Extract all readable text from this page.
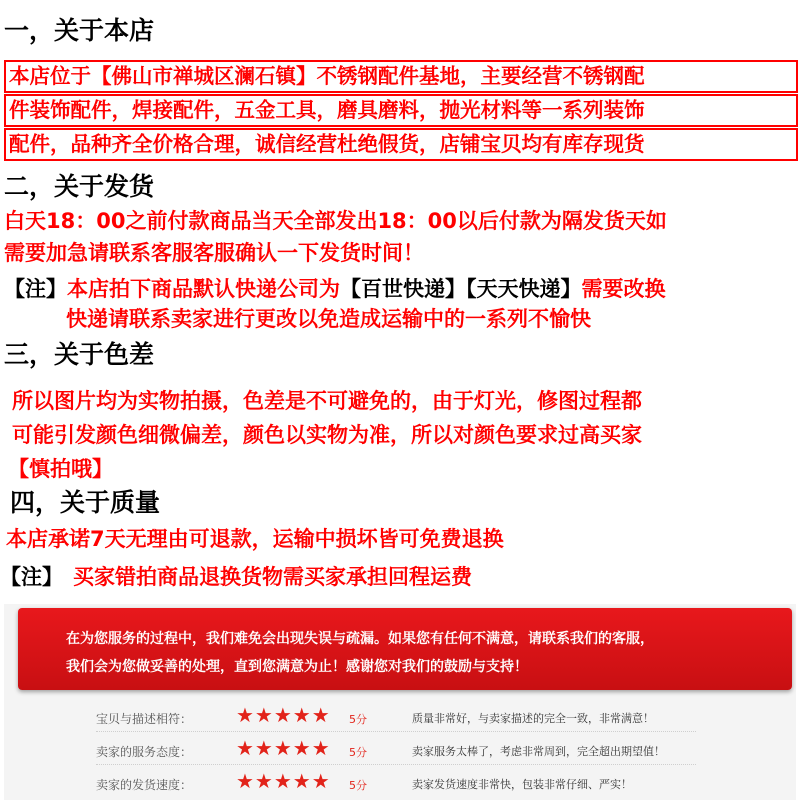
一，关于本店
本店位于【佛山市禅城区澜石镇】不锈钢配件基地，主要经营不锈钢配
件装饰配件，焊接配件，五金工具，磨具磨料，抛光材料等一系列装饰
配件，品种齐全价格合理，诚信经营杜绝假货，店铺宝贝均有库存现货
二，关于发货
白天18：00之前付款商品当天全部发出18：00以后付款为隔发货天如
需要加急请联系客服客服确认一下发货时间！
【注】本店拍下商品默认快递公司为【百世快递】【天天快递】需要改换
快递请联系卖家进行更改以免造成运输中的一系列不愉快
三，关于色差
所以图片均为实物拍摄，色差是不可避免的，由于灯光，修图过程都
可能引发颜色细微偏差，颜色以实物为准，所以对颜色要求过高买家
【慎拍哦】
四，关于质量
本店承诺7天无理由可退款，运输中损坏皆可免费退换
【注】 买家错拍商品退换货物需买家承担回程运费
在为您服务的过程中，我们难免会出现失误与疏漏。如果您有任何不满意，请联系我们的客服，
我们会为您做妥善的处理，直到您满意为止！感谢您对我们的鼓励与支持！
宝贝与描述相符： ★★★★★ 5分	质量非常好，与卖家描述的完全一致，非常满意！
卖家的服务态度： ★★★★★ 5分	卖家服务太棒了，考虑非常周到，完全超出期望值！
卖家的发货速度： ★★★★★ 5分	卖家发货速度非常快，包装非常仔细、严实！
